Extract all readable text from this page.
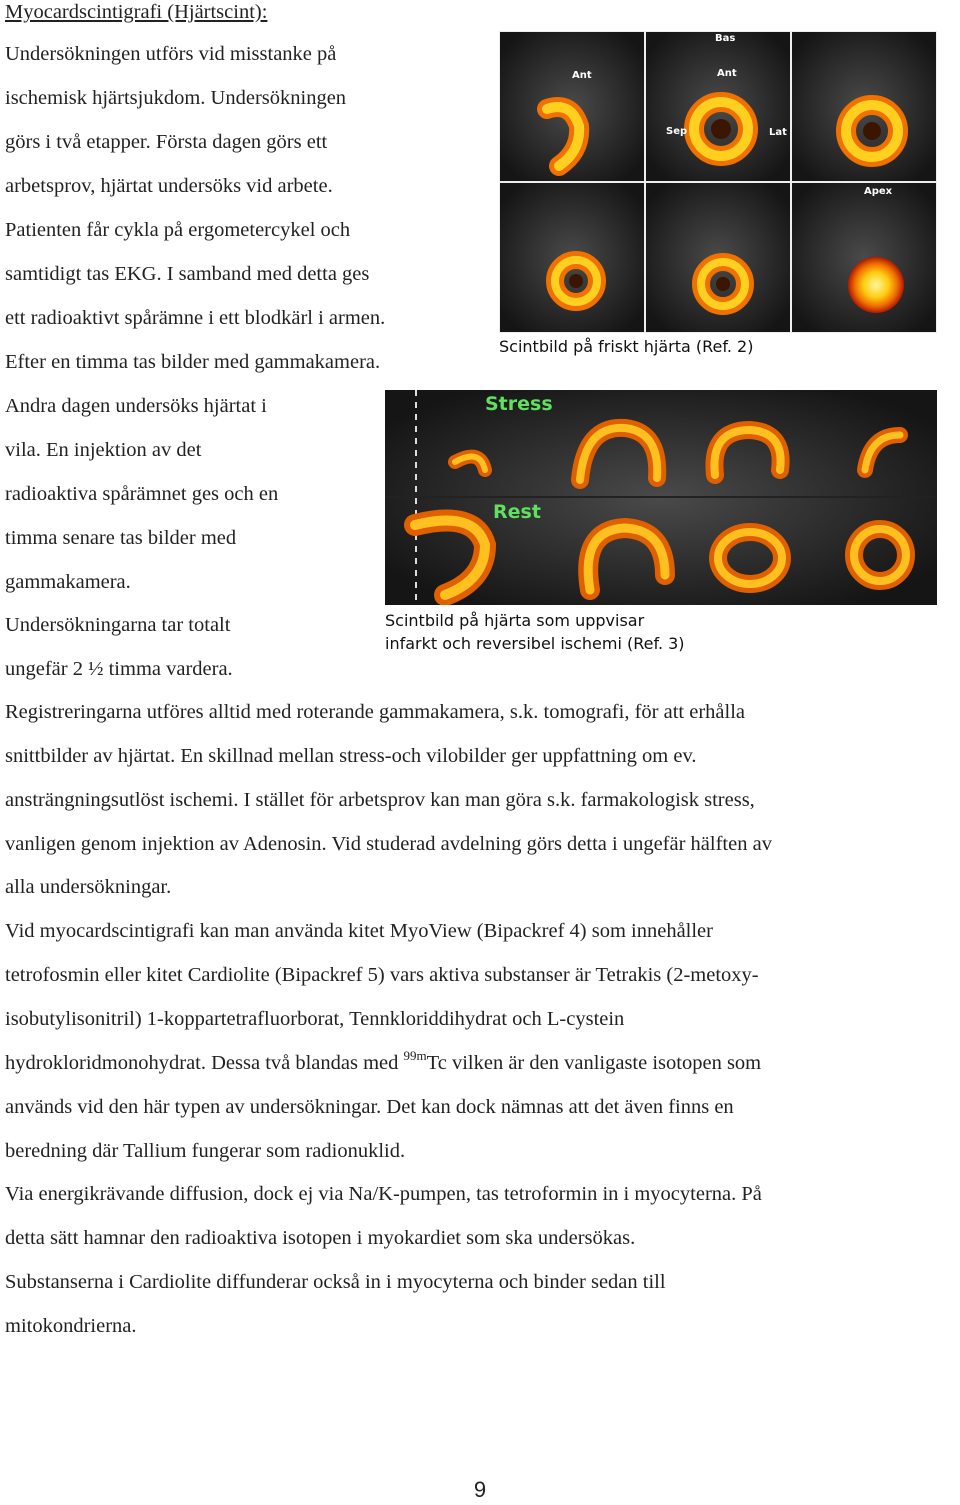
Myocardscintigrafi (Hjärtscint):
Undersökningen utförs vid misstanke på
ischemisk hjärtsjukdom. Undersökningen
görs i två etapper. Första dagen görs ett
arbetsprov, hjärtat undersöks vid arbete.
Patienten får cykla på ergometercykel och
samtidigt tas EKG. I samband med detta ges
ett radioaktivt spårämne i ett blodkärl i armen.
Efter en timma tas bilder med gammakamera.
Andra dagen undersöks hjärtat i
vila. En injektion av det
radioaktiva spårämnet ges och en
timma senare tas bilder med
gammakamera.
Undersökningarna tar totalt
ungefär 2 ½ timma vardera.
Ant
Bas
Ant
Sep	Lat
Apex
Scintbild på friskt hjärta (Ref. 2)
Stress
Rest
Scintbild på hjärta som uppvisar
infarkt och reversibel ischemi (Ref. 3)
Registreringarna utföres alltid med roterande gammakamera, s.k. tomografi, för att erhålla
snittbilder av hjärtat. En skillnad mellan stress-och vilobilder ger uppfattning om ev.
ansträngningsutlöst ischemi. I stället för arbetsprov kan man göra s.k. farmakologisk stress,
vanligen genom injektion av Adenosin. Vid studerad avdelning görs detta i ungefär hälften av
alla undersökningar.
Vid myocardscintigrafi kan man använda kitet MyoView (Bipackref 4) som innehåller
tetrofosmin eller kitet Cardiolite (Bipackref 5) vars aktiva substanser är Tetrakis (2-metoxy-
isobutylisonitril) 1-koppartetrafluorborat, Tennkloriddihydrat och L-cystein
hydrokloridmonohydrat. Dessa två blandas med $^{99m}$Tc vilken är den vanligaste isotopen som
används vid den här typen av undersökningar. Det kan dock nämnas att det även finns en
beredning där Tallium fungerar som radionuklid.
Via energikrävande diffusion, dock ej via Na/K-pumpen, tas tetroformin in i myocyterna. På
detta sätt hamnar den radioaktiva isotopen i myokardiet som ska undersökas.
Substanserna i Cardiolite diffunderar också in i myocyterna och binder sedan till
mitokondrierna.
9
